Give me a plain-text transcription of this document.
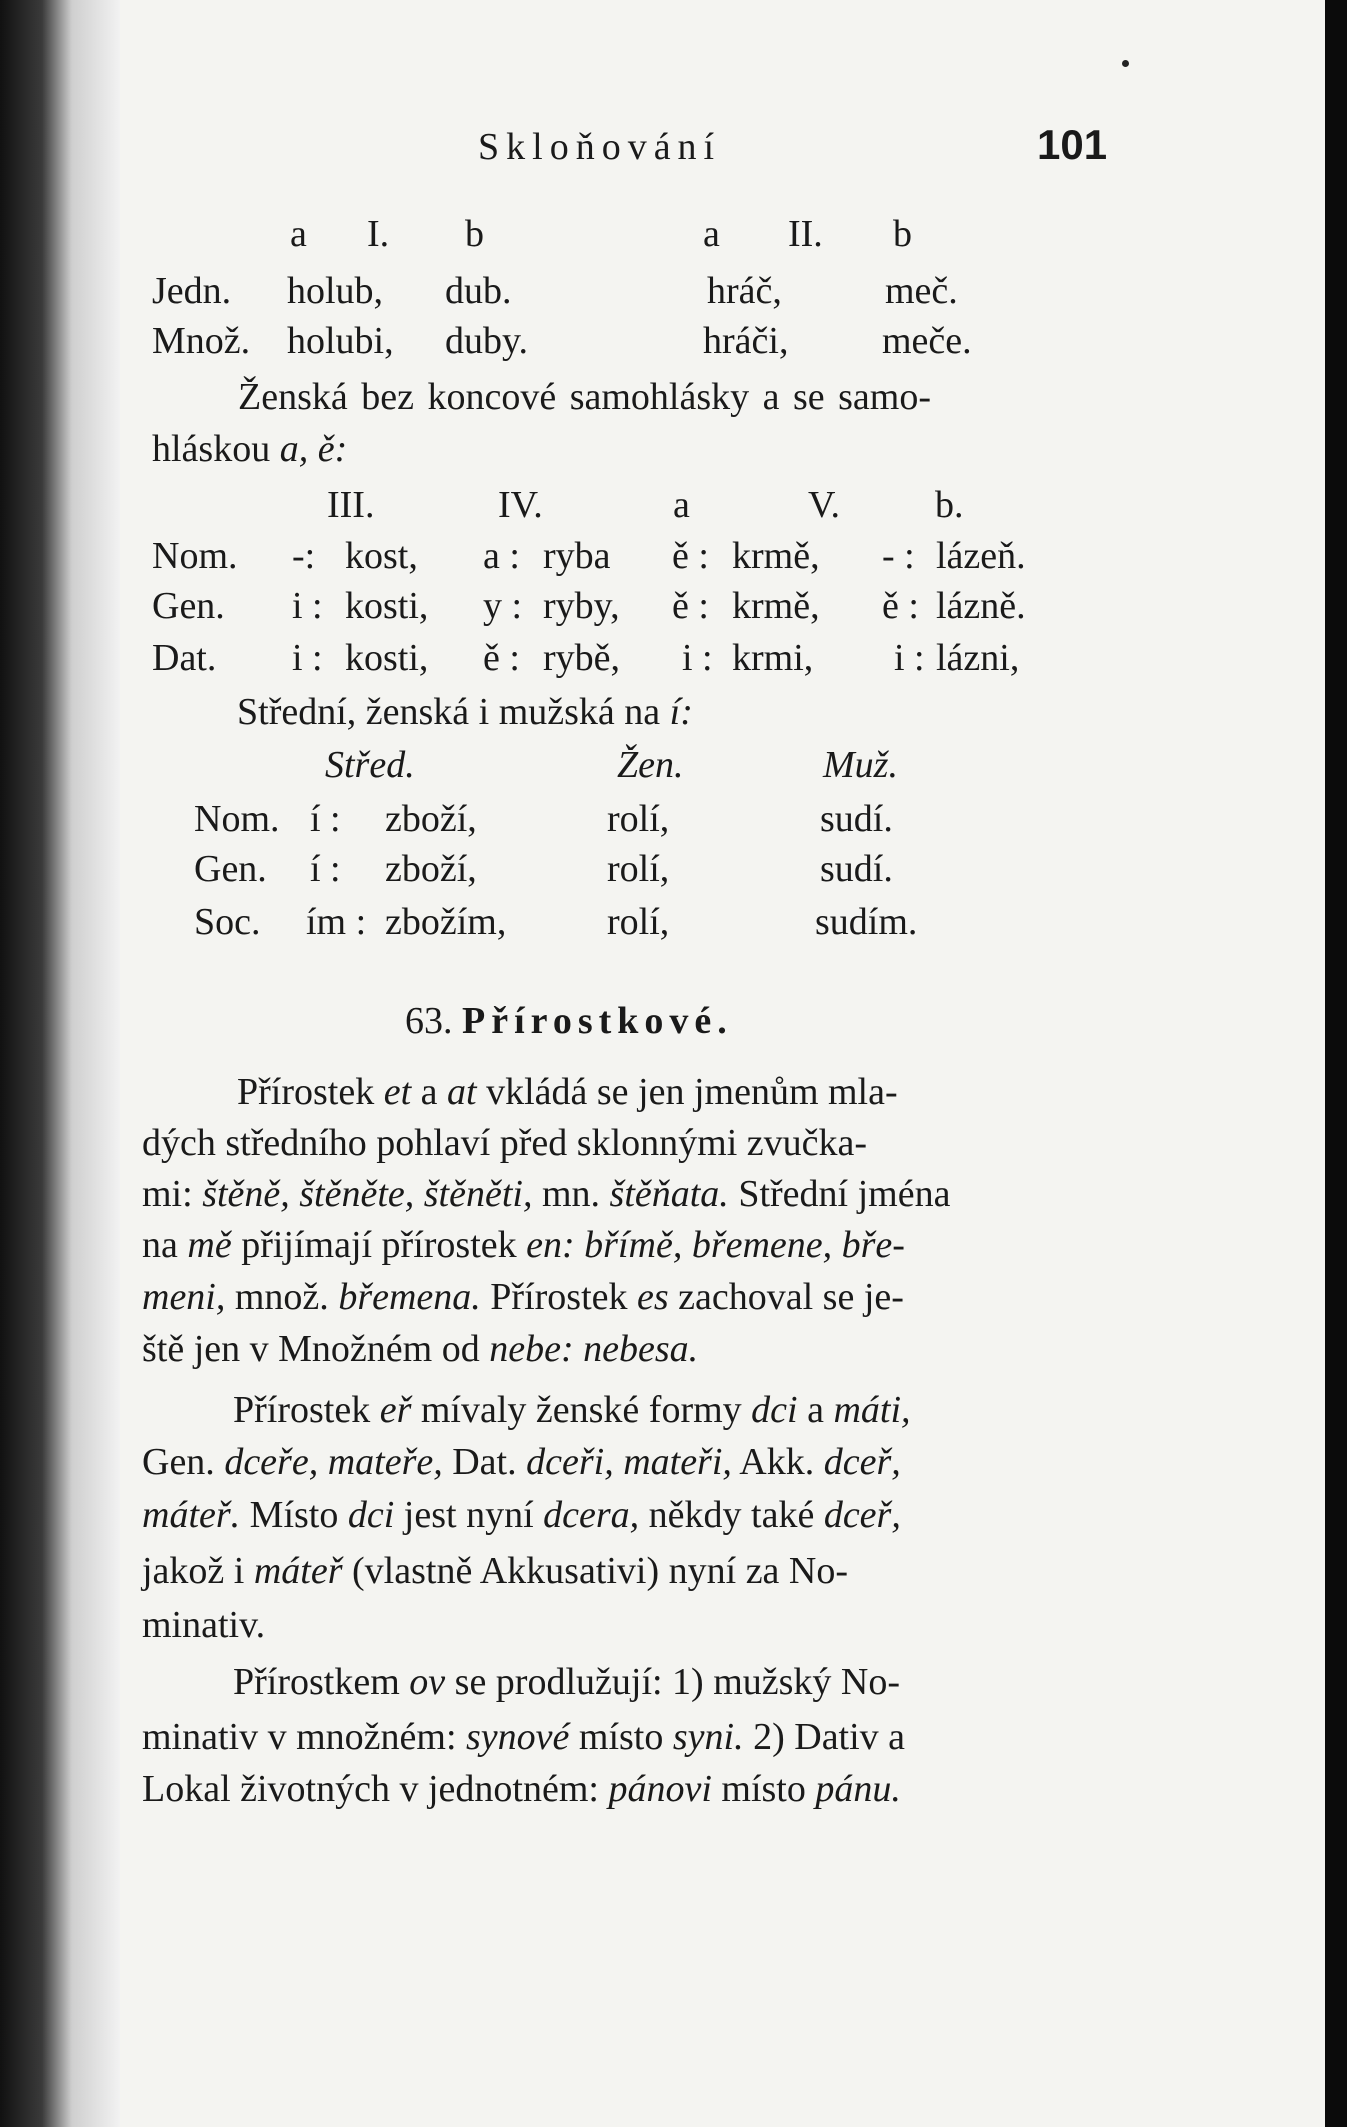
Skloňování	101
a I. b	a II. b
Jedn. holub, dub.	hráč,	meč.
Množ. holubi, duby.	hráči, meče.
Ženská bez koncové samohlásky a se samo-
hláskou a, ě:
III.	IV.	a	V. b.
Nom. -: kost, a : ryba ě : krmě, - : lázeň.
Gen. i : kosti, y : ryby, ě : krmě, ě : lázně.
Dat. i : kosti, ě : rybě, i : krmi, i : lázni,
Střední, ženská i mužská na í:
Střed.	Žen.	Muž.
Nom. í : zboží,	rolí,	sudí.
Gen. í : zboží,	rolí,	sudí.
Soc. ím : zbožím,	rolí,	sudím.
63. Přírostkové.
Přírostek et a at vkládá se jen jmenům mla-
dých středního pohlaví před sklonnými zvučka-
mi: štěně, štěněte, štěněti, mn. štěňata. Střední jména
na mě přijímají přírostek en: břímě, břemene, bře-
meni, množ. břemena. Přírostek es zachoval se je-
ště jen v Množném od nebe: nebesa.
Přírostek eř mívaly ženské formy dci a máti,
Gen. dceře, mateře, Dat. dceři, mateři, Akk. dceř,
máteř. Místo dci jest nyní dcera, někdy také dceř,
jakož i máteř (vlastně Akkusativi) nyní za No-
minativ.
Přírostkem ov se prodlužují: 1) mužský No-
minativ v množném: synové místo syni. 2) Dativ a
Lokal životných v jednotném: pánovi místo pánu.
